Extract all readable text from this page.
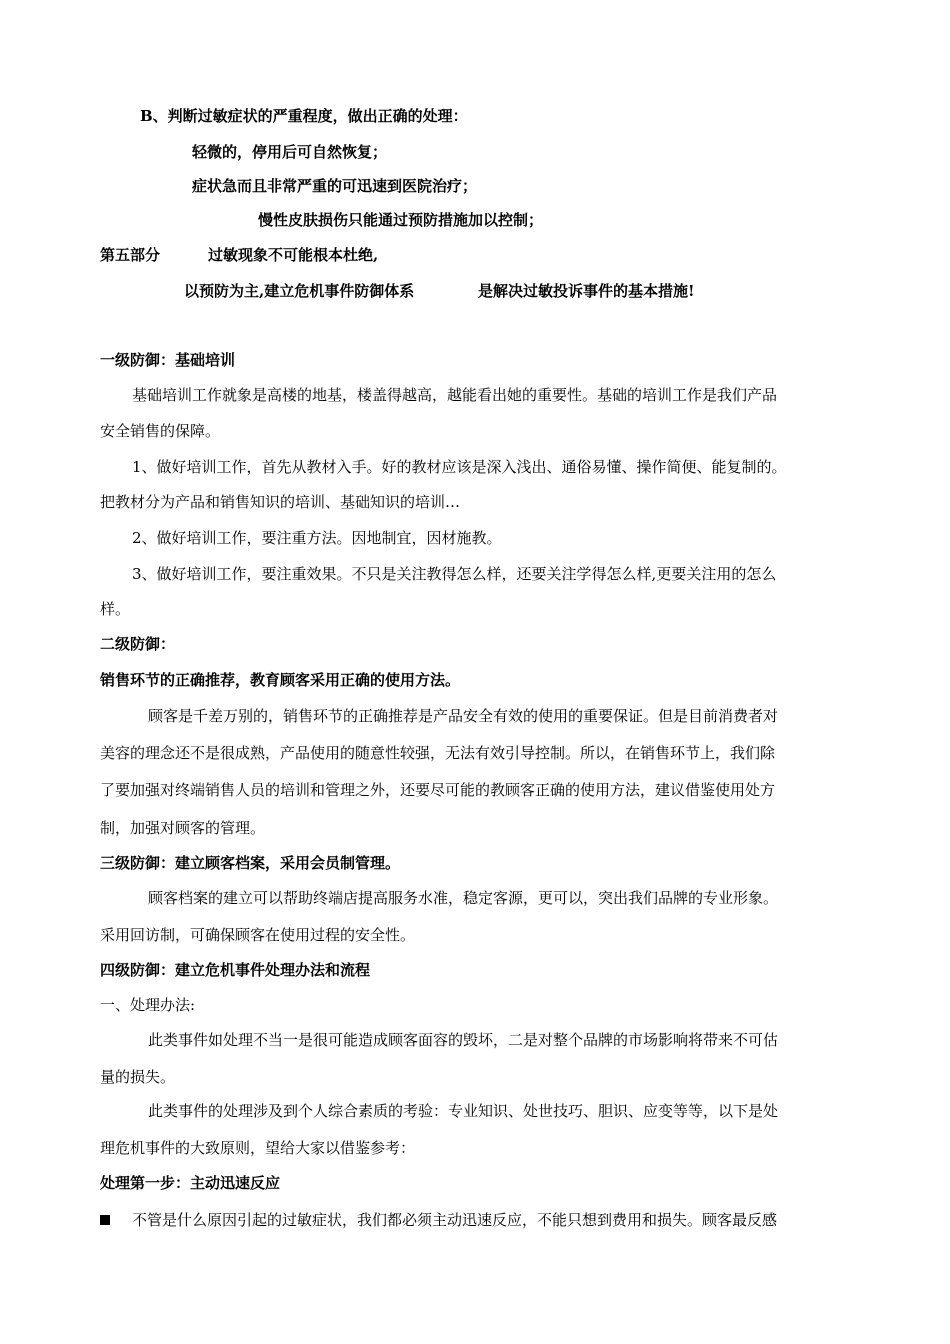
B、判断过敏症状的严重程度，做出正确的处理：

轻微的，停用后可自然恢复；

症状急而且非常严重的可迅速到医院治疗；

慢性皮肤损伤只能通过预防措施加以控制；

第五部分	过敏现象不可能根本杜绝,

以预防为主,建立危机事件防御体系	是解决过敏投诉事件的基本措施!

一级防御：基础培训

基础培训工作就象是高楼的地基，楼盖得越高，越能看出她的重要性。基础的培训工作是我们产品

安全销售的保障。

1、做好培训工作，首先从教材入手。好的教材应该是深入浅出、通俗易懂、操作简便、能复制的。

把教材分为产品和销售知识的培训、基础知识的培训…

2、做好培训工作，要注重方法。因地制宜，因材施教。

3、做好培训工作，要注重效果。不只是关注教得怎么样，还要关注学得怎么样,更要关注用的怎么

样。

二级防御：

销售环节的正确推荐，教育顾客采用正确的使用方法。

顾客是千差万别的，销售环节的正确推荐是产品安全有效的使用的重要保证。但是目前消费者对

美容的理念还不是很成熟，产品使用的随意性较强，无法有效引导控制。所以，在销售环节上，我们除

了要加强对终端销售人员的培训和管理之外，还要尽可能的教顾客正确的使用方法，建议借鉴使用处方

制，加强对顾客的管理。

三级防御：建立顾客档案，采用会员制管理。

顾客档案的建立可以帮助终端店提高服务水准，稳定客源，更可以，突出我们品牌的专业形象。

采用回访制，可确保顾客在使用过程的安全性。

四级防御：建立危机事件处理办法和流程

一、处理办法:

此类事件如处理不当一是很可能造成顾客面容的毁坏，二是对整个品牌的市场影响将带来不可估

量的损失。

此类事件的处理涉及到个人综合素质的考验：专业知识、处世技巧、胆识、应变等等，以下是处

理危机事件的大致原则，望给大家以借鉴参考：

处理第一步：主动迅速反应

不管是什么原因引起的过敏症状，我们都必须主动迅速反应，不能只想到费用和损失。顾客最反感
